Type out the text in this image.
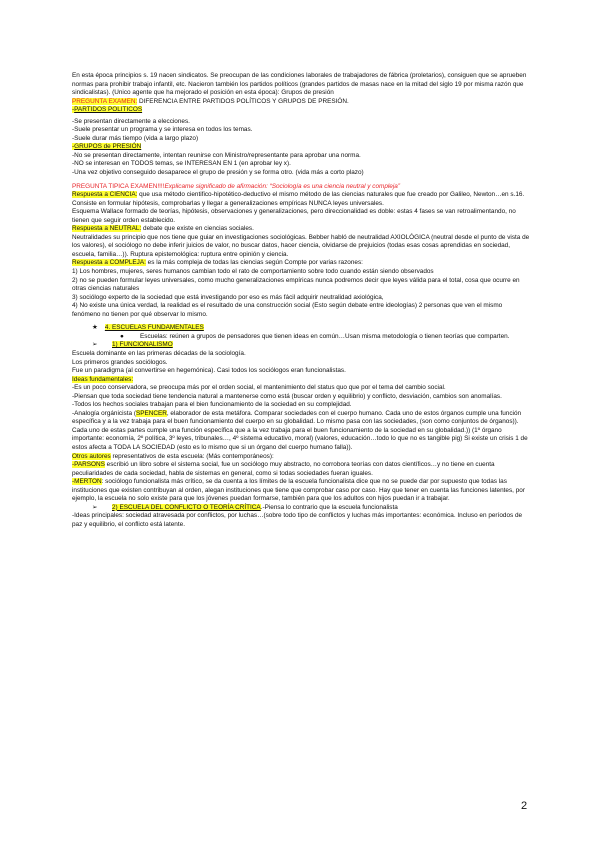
En esta época principios s. 19 nacen sindicatos. Se preocupan de las condiciones laborales de trabajadores de fábrica (proletarios), consiguen que se aprueben normas para prohibir trabajo infantil, etc. Nacieron también los partidos políticos (grandes partidos de masas nace en la mitad del siglo 19 por misma razón que sindicalistas). (Unico agente que ha mejorado el posición en esta época): Grupos de presión
PREGUNTA EXAMEN: DIFERENCIA ENTRE PARTIDOS POLÍTICOS Y GRUPOS DE PRESIÓN.
-PARTIDOS POLITICOS
-Se presentan directamente a elecciones.
-Suele presentar un programa y se interesa en todos los temas.
-Suele durar más tiempo (vida a largo plazo)
-GRUPOS de PRESIÓN
-No se presentan directamente, intentan reunirse con Ministro/representante para aprobar una norma.
-NO se interesan en TODOS temas, se INTERESAN EN 1 (en aprobar ley x).
-Una vez objetivo conseguido desaparece el grupo de presión y se forma otro. (vida más a corto plazo)
PREGUNTA TIPICA EXAMEN!!!!Explicame significado de afirmación: “Sociología es una ciencia neutral y compleja”
Respuesta a CIENCIA: que usa método cientifico-hipotético-deductivo el mismo método de las ciencias naturales que fue creado por Galileo, Newton…en s.16.
Consiste en formular hipótesis, comprobarlas y llegar a generalizaciones empíricas NUNCA leyes universales.
Esquema Wallace formado de teorías, hipótesis, observaciones y generalizaciones, pero direccionalidad es doble: estas 4 fases se van retroalimentando, no tienen que seguir orden establecido.
Respuesta a NEUTRAL: debate que existe en ciencias sociales.
Neutralidades su principio que nos tiene que guiar en investigaciones sociológicas. Bebber habló de neutralidad AXIOLÓGICA (neutral desde el punto de vista de los valores), el sociólogo no debe inferir juicios de valor, no buscar datos, hacer ciencia, olvidarse de prejuicios (todas esas cosas aprendidas en sociedad, escuela, familia…)). Ruptura epistemológica: ruptura entre opinión y ciencia.
Respuesta a COMPLEJA: es la más compleja de todas las ciencias según Compte por varias razones:
1) Los hombres, mujeres, seres humanos cambian todo el rato de comportamiento sobre todo cuando están siendo observados
2) no se pueden formular leyes universales, como mucho generalizaciones empíricas nunca podremos decir que leyes válida para el total, cosa que ocurre en otras ciencias naturales
3) sociólogo experto de la sociedad que está investigando por eso es más fácil adquirir neutralidad axiológica,
4) No existe una única verdad, la realidad es el resultado de una construcción social (Esto según debate entre ideologías) 2 personas que ven el mismo fenómeno no tienen por qué observar lo mismo.
★ 4. ESCUELAS FUNDAMENTALES
●	Escuelas: reúnen a grupos de pensadores que tienen ideas en común…Usan misma metodología o tienen teorías que comparten.
➢ 1) FUNCIONALISMO
Escuela dominante en las primeras décadas de la sociología.
Los primeros grandes sociólogos.
Fue un paradigma (al convertirse en hegemónica). Casi todos los sociólogos eran funcionalistas.
Ideas fundamentales:
-Es un poco conservadora, se preocupa más por el orden social, el mantenimiento del status quo que por el tema del cambio social.
-Piensan que toda sociedad tiene tendencia natural a mantenerse como está (buscar orden y equilibrio) y conflicto, desviación, cambios son anomalías.
-Todos los hechos sociales trabajan para el bien funcionamiento de la sociedad en su complejidad.
-Analogía orgánicista (SPENCER, elaborador de esta metáfora. Comparar sociedades con el cuerpo humano. Cada uno de estos órganos cumple una función específica y a la vez trabaja para el buen funcionamiento del cuerpo en su globalidad. Lo mismo pasa con las sociedades, (son como conjuntos de órganos)). Cada uno de estas partes cumple una función específica que a la vez trabaja para el buen funcionamiento de la sociedad en su globalidad.)) (1º órgano importante: economía, 2º política, 3º leyes, tribunales…, 4º sistema educativo, moral) (valores, educación…todo lo que no es tangible pig) Si existe un crisis 1 de estos afecta a TODA LA SOCIEDAD (esto es lo mismo que si un órgano del cuerpo humano falla)).
Otros autores representativos de esta escuela: (Más contemporáneos):
-PARSONS escribió un libro sobre el sistema social, fue un sociólogo muy abstracto, no corrobora teorías con datos científicos…y no tiene en cuenta peculiaridades de cada sociedad, habla de sistemas en general, como si todas sociedades fueran iguales.
-MERTON: sociólogo funcionalista más crítico, se da cuenta a los límites de la escuela funcionalista dice que no se puede dar por supuesto que todas las instituciones que existen contribuyan al orden, alegan instituciones que tiene que comprobar caso por caso. Hay que tener en cuenta las funciones latentes, por ejemplo, la escuela no solo existe para que los jóvenes puedan formarse, también para que los adultos con hijos puedan ir a trabajar.
➢ 2) ESCUELA DEL CONFLICTO O TEORÍA CRÍTICA.-Piensa lo contrario que la escuela funcionalista
-Ideas principales: sociedad atravesada por conflictos, por luchas…(sobre todo tipo de conflictos y luchas más importantes: económica. Incluso en períodos de paz y equilibrio, el conflicto está latente.
2
